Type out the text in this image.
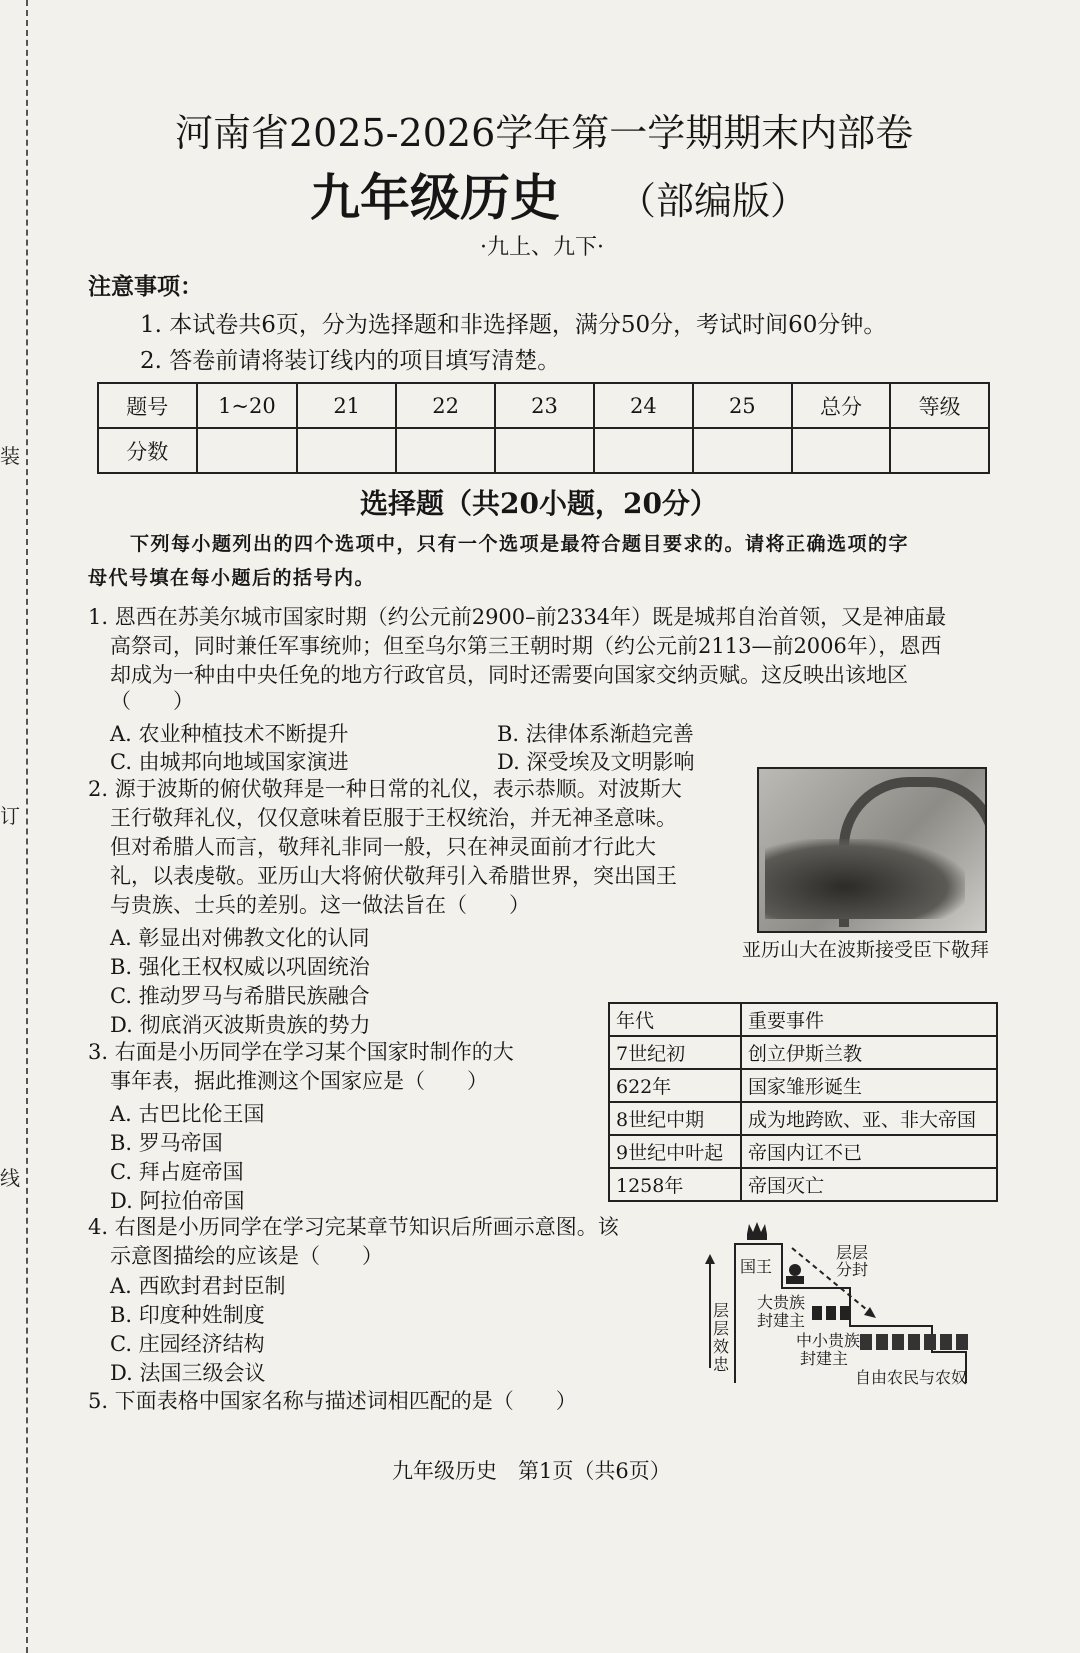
装
订
线
河南省2025-2026学年第一学期期末内部卷
九年级历史 （部编版）
·九上、九下·
注意事项：
1. 本试卷共6页，分为选择题和非选择题，满分50分，考试时间60分钟。
2. 答卷前请将装订线内的项目填写清楚。
题号	1~20	21	22	23	24	25	总分	等级
分数								
选择题（共20小题，20分）
下列每小题列出的四个选项中，只有一个选项是最符合题目要求的。请将正确选项的字
母代号填在每小题后的括号内。
1. 恩西在苏美尔城市国家时期（约公元前2900–前2334年）既是城邦自治首领，又是神庙最
高祭司，同时兼任军事统帅；但至乌尔第三王朝时期（约公元前2113—前2006年），恩西
却成为一种由中央任免的地方行政官员，同时还需要向国家交纳贡赋。这反映出该地区
（　　）
A. 农业种植技术不断提升	B. 法律体系渐趋完善
C. 由城邦向地域国家演进	D. 深受埃及文明影响
2. 源于波斯的俯伏敬拜是一种日常的礼仪，表示恭顺。对波斯大
王行敬拜礼仪，仅仅意味着臣服于王权统治，并无神圣意味。
但对希腊人而言，敬拜礼非同一般，只在神灵面前才行此大
礼，以表虔敬。亚历山大将俯伏敬拜引入希腊世界，突出国王
与贵族、士兵的差别。这一做法旨在（　　）
A. 彰显出对佛教文化的认同
B. 强化王权权威以巩固统治
C. 推动罗马与希腊民族融合
D. 彻底消灭波斯贵族的势力
亚历山大在波斯接受臣下敬拜
3. 右面是小历同学在学习某个国家时制作的大
事年表，据此推测这个国家应是（　　）
A. 古巴比伦王国
B. 罗马帝国
C. 拜占庭帝国
D. 阿拉伯帝国
年代	重要事件
7世纪初	创立伊斯兰教
622年	国家雏形诞生
8世纪中期	成为地跨欧、亚、非大帝国
9世纪中叶起	帝国内讧不已
1258年	帝国灭亡
4. 右图是小历同学在学习完某章节知识后所画示意图。该
示意图描绘的应该是（　　）
A. 西欧封君封臣制
B. 印度种姓制度
C. 庄园经济结构
D. 法国三级会议
国王
大贵族
封建主
中小贵族
封建主
自由农民与农奴
层层
分封
层
层
效
忠
5. 下面表格中国家名称与描述词相匹配的是（　　）
九年级历史　第1页（共6页）
